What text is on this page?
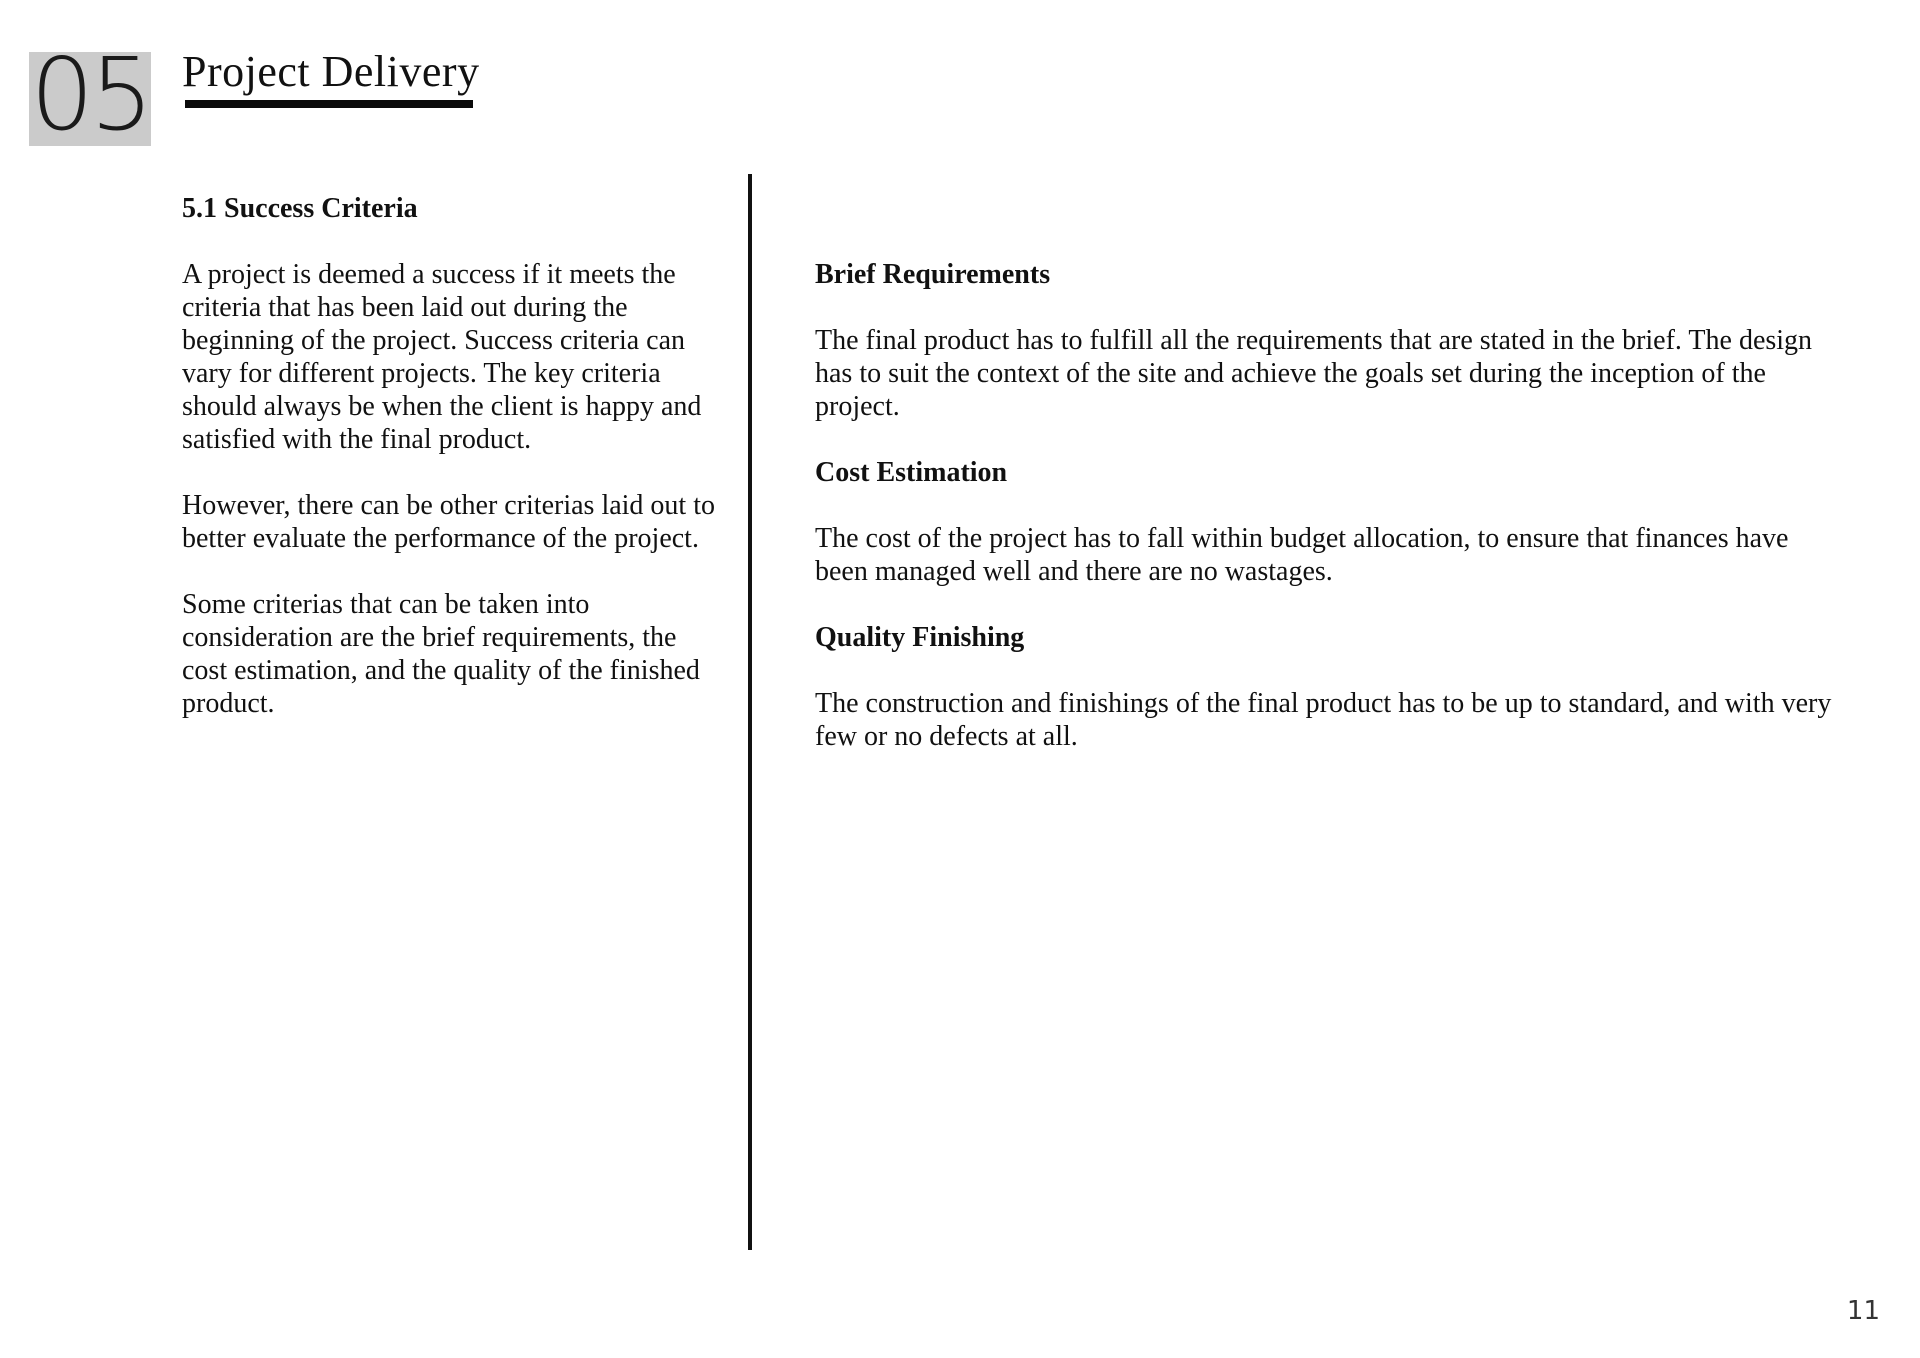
05 Project Delivery

5.1 Success Criteria

A project is deemed a success if it meets the criteria that has been laid out during the beginning of the project. Success criteria can vary for different projects. The key criteria should always be when the client is happy and satisfied with the final product.

However, there can be other criterias laid out to better evaluate the performance of the project.

Some criterias that can be taken into consideration are the brief requirements, the cost estimation, and the quality of the finished product.

Brief Requirements

The final product has to fulfill all the requirements that are stated in the brief. The design has to suit the context of the site and achieve the goals set during the inception of the project.

Cost Estimation

The cost of the project has to fall within budget allocation, to ensure that finances have been managed well and there are no wastages.

Quality Finishing

The construction and finishings of the final product has to be up to standard, and with very few or no defects at all.

11
